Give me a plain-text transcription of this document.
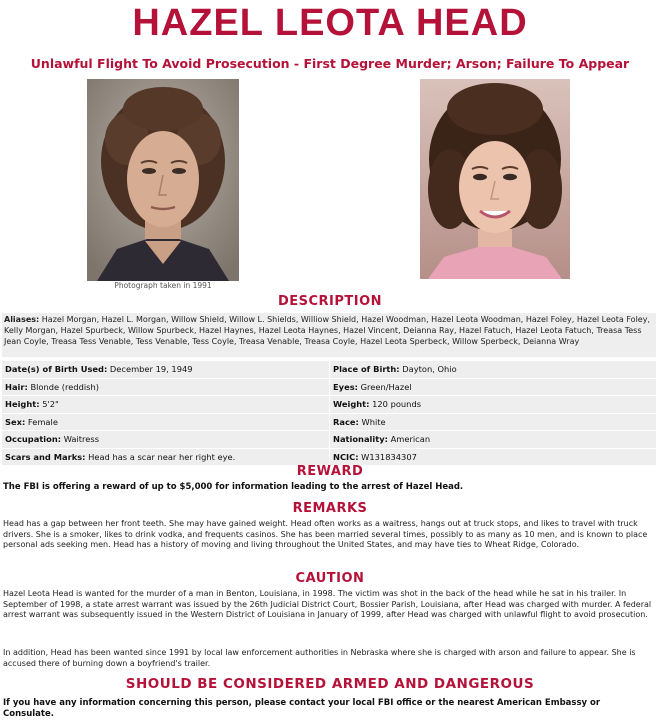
HAZEL LEOTA HEAD
Unlawful Flight To Avoid Prosecution - First Degree Murder; Arson; Failure To Appear
Photograph taken in 1991
DESCRIPTION
Aliases: Hazel Morgan, Hazel L. Morgan, Willow Shield, Willow L. Shields, Williow Shield, Hazel Woodman, Hazel Leota Woodman, Hazel Foley, Hazel Leota Foley, Kelly Morgan, Hazel Spurbeck, Willow Spurbeck, Hazel Haynes, Hazel Leota Haynes, Hazel Vincent, Deianna Ray, Hazel Fatuch, Hazel Leota Fatuch, Treasa Tess Jean Coyle, Treasa Tess Venable, Tess Venable, Tess Coyle, Treasa Venable, Treasa Coyle, Hazel Leota Sperbeck, Willow Sperbeck, Deianna Wray
Date(s) of Birth Used: December 19, 1949	Place of Birth: Dayton, Ohio
Hair: Blonde (reddish)	Eyes: Green/Hazel
Height: 5'2"	Weight: 120 pounds
Sex: Female	Race: White
Occupation: Waitress	Nationality: American
Scars and Marks: Head has a scar near her right eye.	NCIC: W131834307
REWARD
The FBI is offering a reward of up to $5,000 for information leading to the arrest of Hazel Head.
REMARKS
Head has a gap between her front teeth. She may have gained weight. Head often works as a waitress, hangs out at truck stops, and likes to travel with truck drivers. She is a smoker, likes to drink vodka, and frequents casinos. She has been married several times, possibly to as many as 10 men, and is known to place personal ads seeking men. Head has a history of moving and living throughout the United States, and may have ties to Wheat Ridge, Colorado.
CAUTION
Hazel Leota Head is wanted for the murder of a man in Benton, Louisiana, in 1998. The victim was shot in the back of the head while he sat in his trailer. In September of 1998, a state arrest warrant was issued by the 26th Judicial District Court, Bossier Parish, Louisiana, after Head was charged with murder. A federal arrest warrant was subsequently issued in the Western District of Louisiana in January of 1999, after Head was charged with unlawful flight to avoid prosecution.
In addition, Head has been wanted since 1991 by local law enforcement authorities in Nebraska where she is charged with arson and failure to appear. She is accused there of burning down a boyfriend's trailer.
SHOULD BE CONSIDERED ARMED AND DANGEROUS
If you have any information concerning this person, please contact your local FBI office or the nearest American Embassy or Consulate.
